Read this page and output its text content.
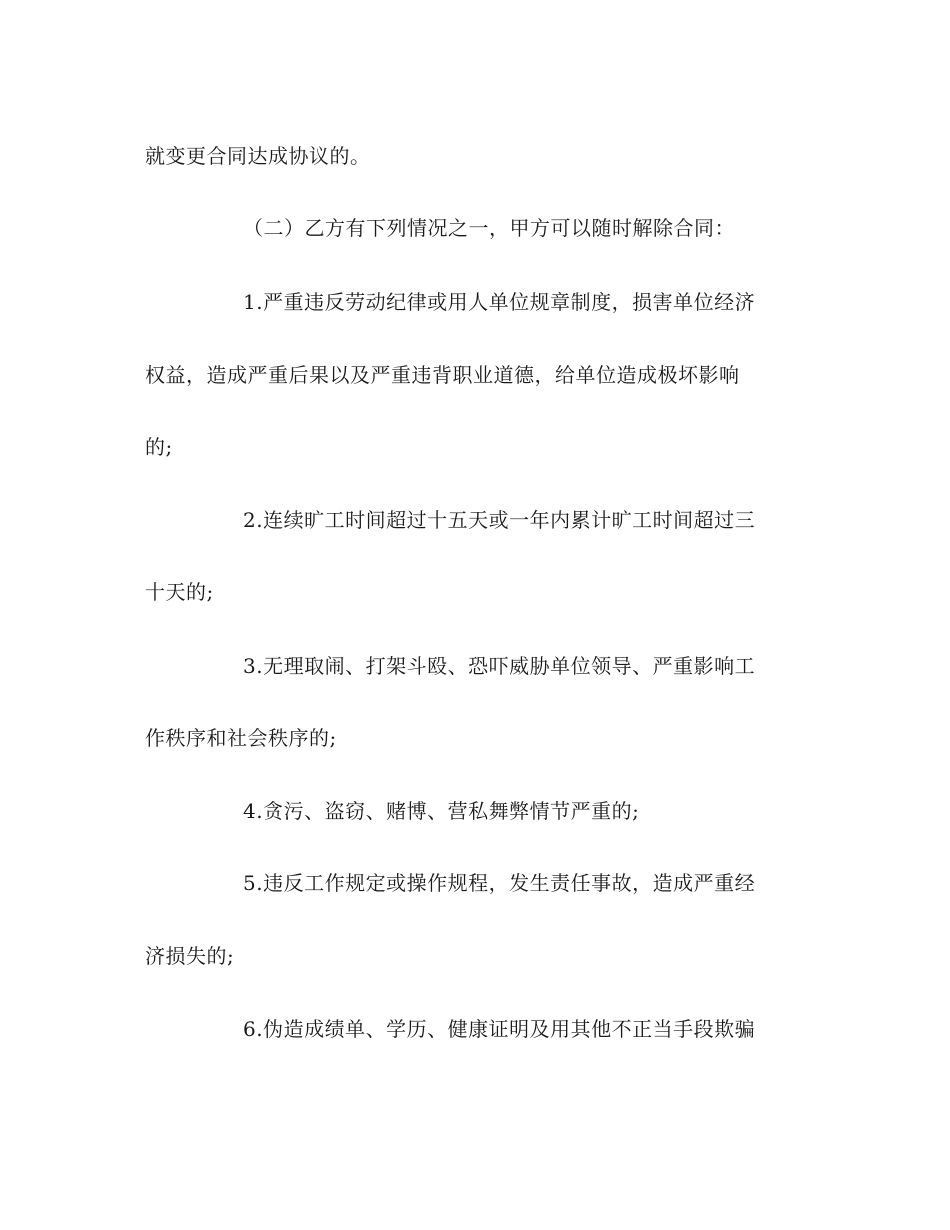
就变更合同达成协议的。
（二）乙方有下列情况之一，甲方可以随时解除合同：
1.严重违反劳动纪律或用人单位规章制度，损害单位经济
权益，造成严重后果以及严重违背职业道德，给单位造成极坏影响
的;
2.连续旷工时间超过十五天或一年内累计旷工时间超过三
十天的;
3.无理取闹、打架斗殴、恐吓威胁单位领导、严重影响工
作秩序和社会秩序的;
4.贪污、盗窃、赌博、营私舞弊情节严重的;
5.违反工作规定或操作规程，发生责任事故，造成严重经
济损失的;
6.伪造成绩单、学历、健康证明及用其他不正当手段欺骗
